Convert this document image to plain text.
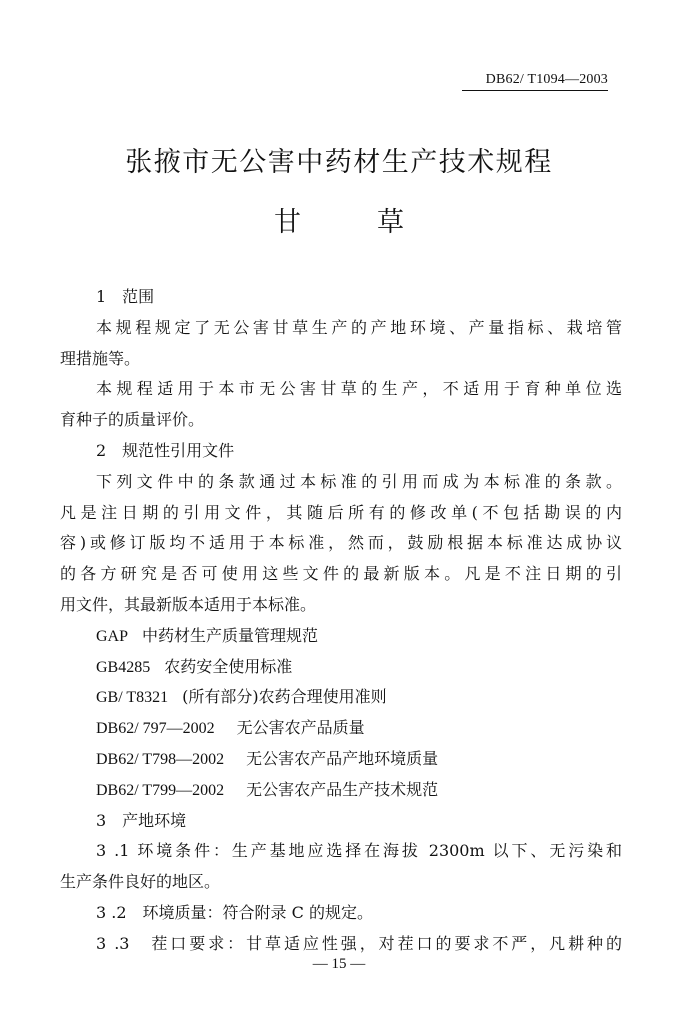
DB62/ T1094—2003
张掖市无公害中药材生产技术规程
甘	草
1　范围
本规程规定了无公害甘草生产的产地环境、产量指标、栽培管
理措施等。
本规程适用于本市无公害甘草的生产，不适用于育种单位选
育种子的质量评价。
2　规范性引用文件
下列文件中的条款通过本标准的引用而成为本标准的条款。
凡是注日期的引用文件，其随后所有的修改单(不包括勘误的内
容)或修订版均不适用于本标准，然而，鼓励根据本标准达成协议
的各方研究是否可使用这些文件的最新版本。凡是不注日期的引
用文件，其最新版本适用于本标准。
GAP 中药材生产质量管理规范
GB4285 农药安全使用标准
GB/ T8321 (所有部分)农药合理使用准则
DB62/ 797—2002 无公害农产品质量
DB62/ T798—2002 无公害农产品产地环境质量
DB62/ T799—2002 无公害农产品生产技术规范
3　产地环境
3 .1 环境条件：生产基地应选择在海拔 2300m 以下、无污染和
生产条件良好的地区。
3 .2　环境质量：符合附录 C 的规定。
3 .3　茬口要求：甘草适应性强，对茬口的要求不严，凡耕种的
— 15 —
